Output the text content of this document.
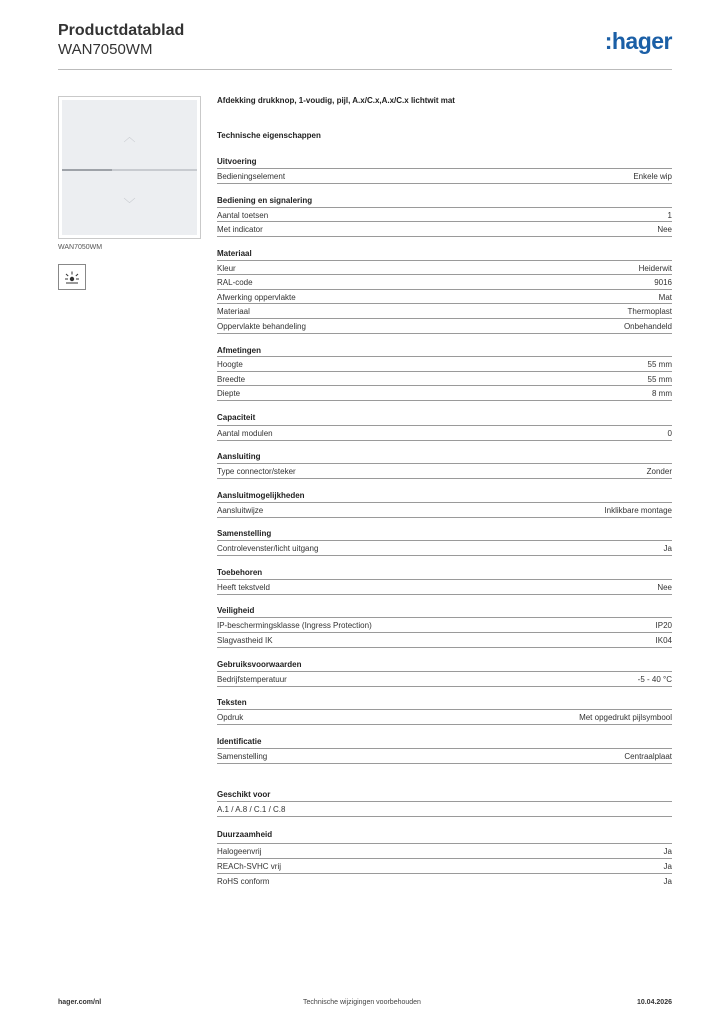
Productdatablad
WAN7050WM	:hager
︿
﹀
WAN7050WM
Afdekking drukknop, 1-voudig, pijl, A.x/C.x,A.x/C.x lichtwit mat
Technische eigenschappen
Uitvoering
Bedieningselement	Enkele wip
Bediening en signalering
Aantal toetsen	1
Met indicator	Nee
Materiaal
Kleur	Heiderwit
RAL-code	9016
Afwerking oppervlakte	Mat
Materiaal	Thermoplast
Oppervlakte behandeling	Onbehandeld
Afmetingen
Hoogte	55 mm
Breedte	55 mm
Diepte	8 mm
Capaciteit
Aantal modulen	0
Aansluiting
Type connector/steker	Zonder
Aansluitmogelijkheden
Aansluitwijze	Inklikbare montage
Samenstelling
Controlevenster/licht uitgang	Ja
Toebehoren
Heeft tekstveld	Nee
Veiligheid
IP-beschermingsklasse (Ingress Protection)	IP20
Slagvastheid IK	IK04
Gebruiksvoorwaarden
Bedrijfstemperatuur	-5 - 40 °C
Teksten
Opdruk	Met opgedrukt pijlsymbool
Identificatie
Samenstelling	Centraalplaat
Geschikt voor
A.1 / A.8 / C.1 / C.8
Duurzaamheid
Halogeenvrij	Ja
REACh-SVHC vrij	Ja
RoHS conform	Ja
hager.com/nl	Technische wijzigingen voorbehouden	10.04.2026
